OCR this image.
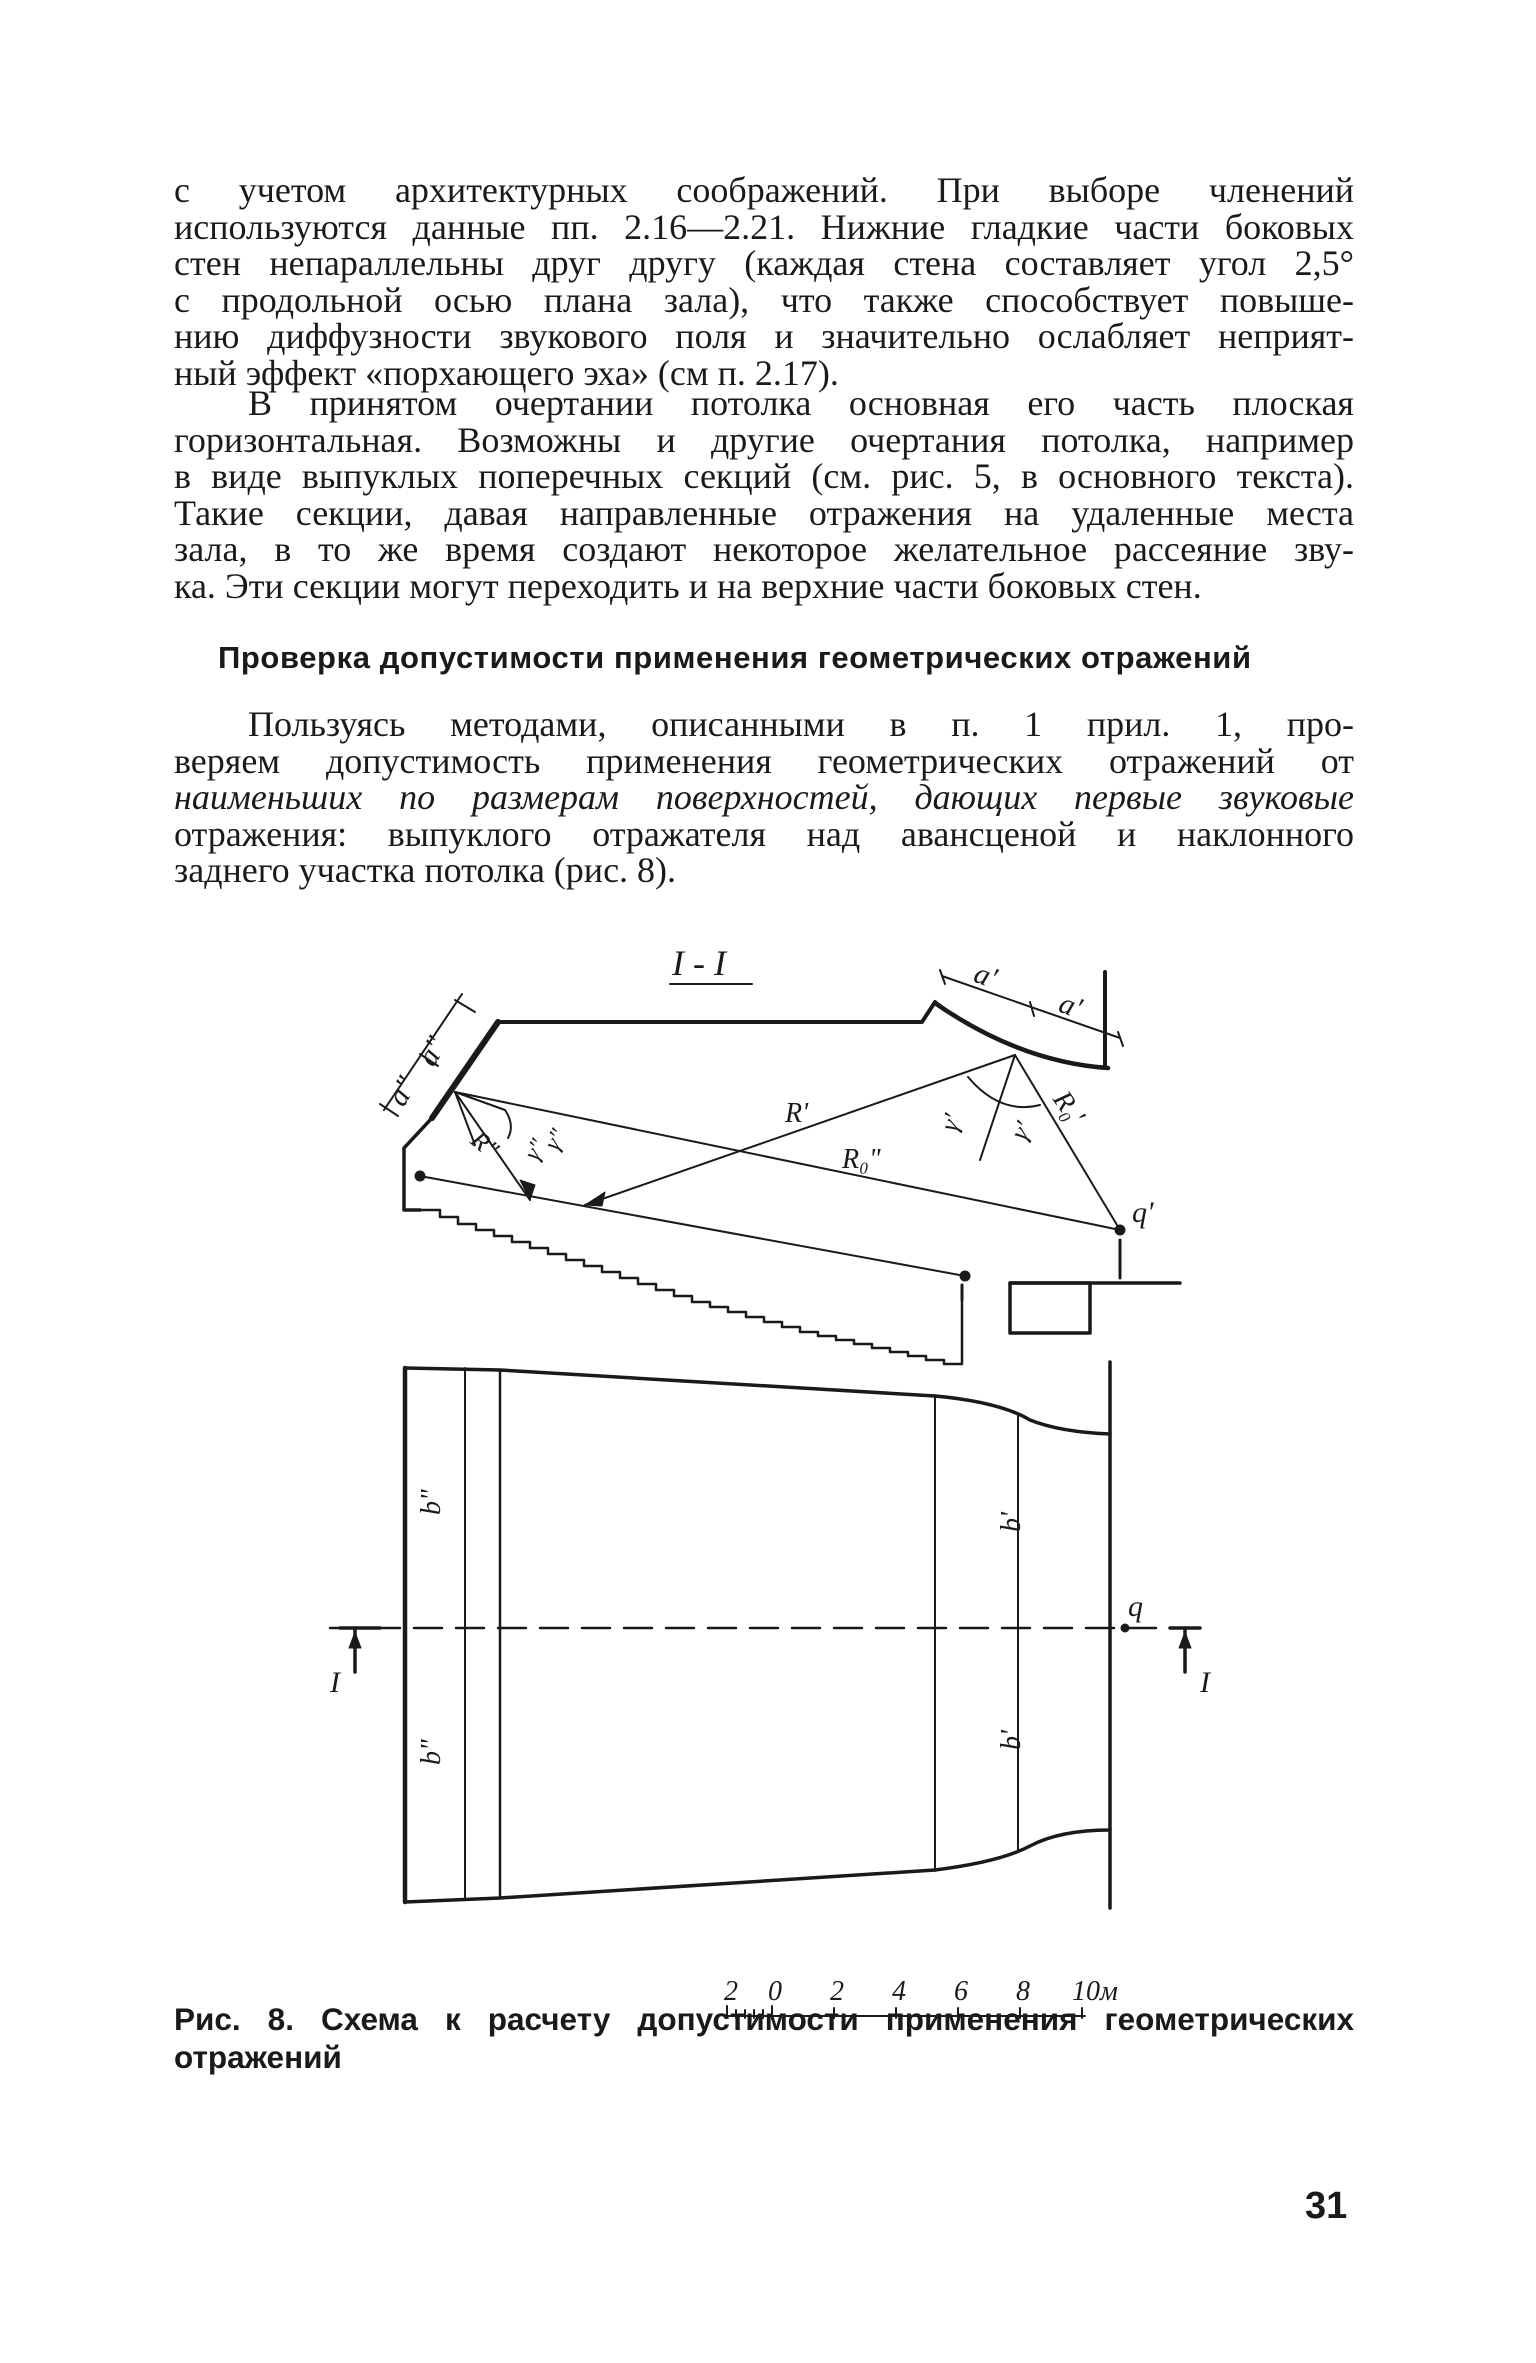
с учетом архитектурных соображений. При выборе членений
используются данные пп. 2.16—2.21. Нижние гладкие части боковых
стен непараллельны друг другу (каждая стена составляет угол 2,5°
с продольной осью плана зала), что также способствует повыше-
нию диффузности звукового поля и значительно ослабляет неприят-
ный эффект «порхающего эха» (см п. 2.17).

В принятом очертании потолка основная его часть плоская
горизонтальная. Возможны и другие очертания потолка, например
в виде выпуклых поперечных секций (см. рис. 5, в основного текста).
Такие секции, давая направленные отражения на удаленные места
зала, в то же время создают некоторое желательное рассеяние зву-
ка. Эти секции могут переходить и на верхние части боковых стен.

Проверка допустимости применения геометрических отражений

Пользуясь методами, описанными в п. 1 прил. 1, про-
веряем допустимость применения геометрических отражений от
наименьших по размерам поверхностей, дающих первые звуковые
отражения: выпуклого отражателя над авансценой и наклонного
заднего участка потолка (рис. 8).

I - I
a"
a"
a'
a'
R'
R₀"
R₀'
R" γ"
γ"
γ' γ'
q'
b"
b"
b'
b'
q
I	I
2 0 2 4 6 8 10м

Рис. 8. Схема к расчету допустимости применения геометрических
отражений

31
